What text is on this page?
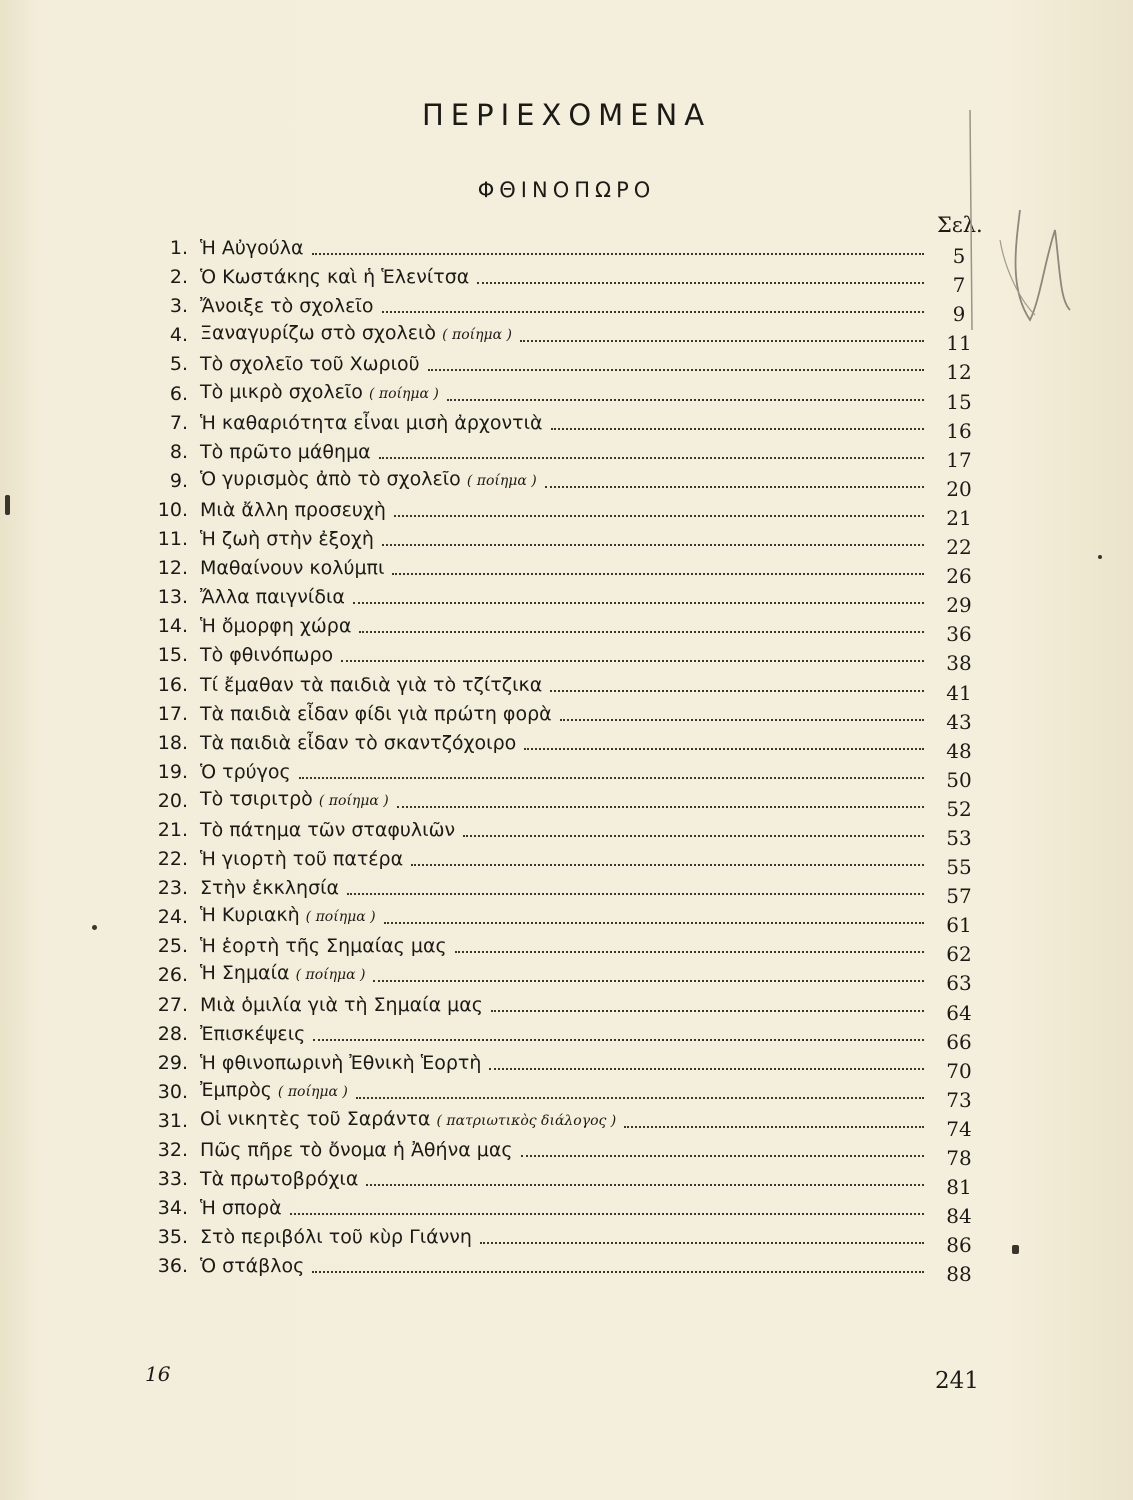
ΠΕΡΙΕΧΟΜΕΝΑ
ΦΘΙΝΟΠΩΡΟ
Σελ.
1. Ἡ Αὐγούλα	5
2. Ὁ Κωστάκης καὶ ἡ Ἑλενίτσα	7
3. Ἄνοιξε τὸ σχολεῖο	9
4. Ξαναγυρίζω στὸ σχολειὸ ( ποίημα )	11
5. Τὸ σχολεῖο τοῦ Χωριοῦ	12
6. Τὸ μικρὸ σχολεῖο ( ποίημα )	15
7. Ἡ καθαριότητα εἶναι μισὴ ἀρχοντιὰ	16
8. Τὸ πρῶτο μάθημα	17
9. Ὁ γυρισμὸς ἀπὸ τὸ σχολεῖο ( ποίημα )	20
10. Μιὰ ἄλλη προσευχὴ	21
11. Ἡ ζωὴ στὴν ἐξοχὴ	22
12. Μαθαίνουν κολύμπι	26
13. Ἄλλα παιγνίδια	29
14. Ἡ ὄμορφη χώρα	36
15. Τὸ φθινόπωρο	38
16. Τί ἔμαθαν τὰ παιδιὰ γιὰ τὸ τζίτζικα	41
17. Τὰ παιδιὰ εἶδαν φίδι γιὰ πρώτη φορὰ	43
18. Τὰ παιδιὰ εἶδαν τὸ σκαντζόχοιρο	48
19. Ὁ τρύγος	50
20. Τὸ τσιριτρὸ ( ποίημα )	52
21. Τὸ πάτημα τῶν σταφυλιῶν	53
22. Ἡ γιορτὴ τοῦ πατέρα	55
23. Στὴν ἐκκλησία	57
24. Ἡ Κυριακὴ ( ποίημα )	61
25. Ἡ ἑορτὴ τῆς Σημαίας μας	62
26. Ἡ Σημαία ( ποίημα )	63
27. Μιὰ ὁμιλία γιὰ τὴ Σημαία μας	64
28. Ἐπισκέψεις	66
29. Ἡ φθινοπωρινὴ Ἐθνικὴ Ἑορτὴ	70
30. Ἐμπρὸς ( ποίημα )	73
31. Οἱ νικητὲς τοῦ Σαράντα ( πατριωτικὸς διάλογος )	74
32. Πῶς πῆρε τὸ ὄνομα ἡ Ἀθήνα μας	78
33. Τὰ πρωτοβρόχια	81
34. Ἡ σπορὰ	84
35. Στὸ περιβόλι τοῦ κὺρ Γιάννη	86
36. Ὁ στάβλος	88
16	241
